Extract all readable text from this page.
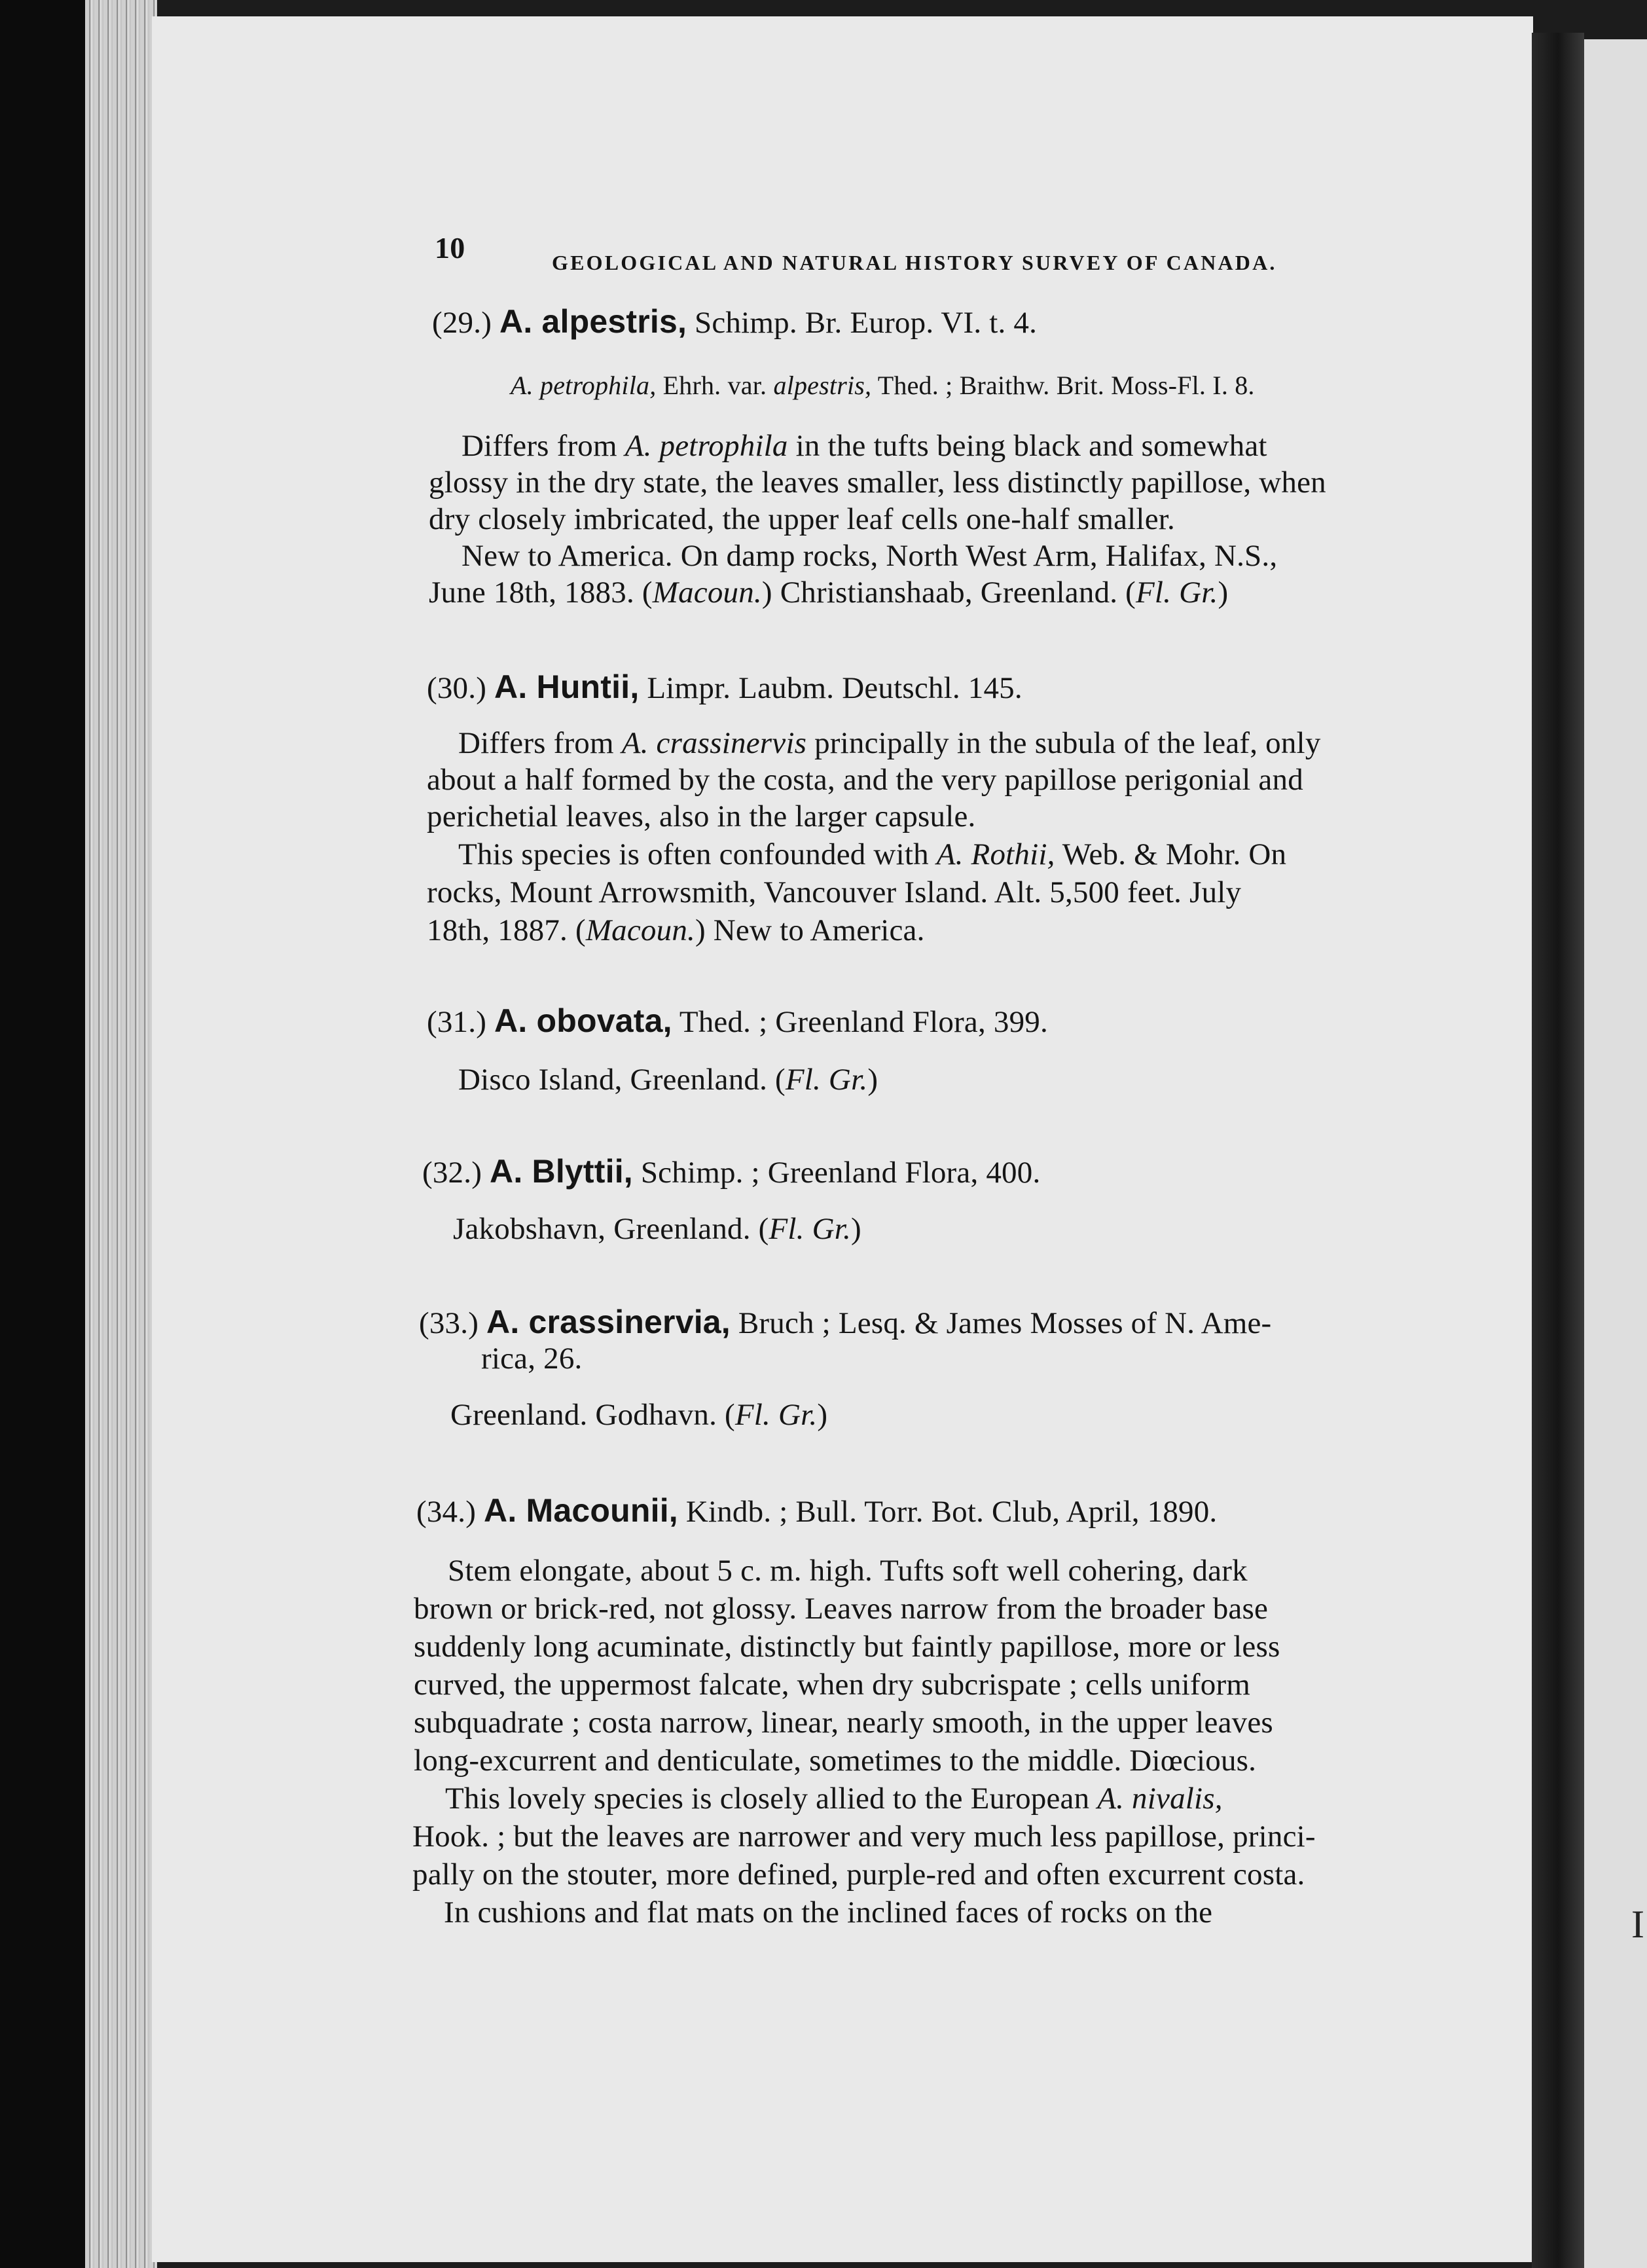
I
10	GEOLOGICAL AND NATURAL HISTORY SURVEY OF CANADA.
(29.) A. alpestris, Schimp. Br. Europ. VI. t. 4.
A. petrophila, Ehrh. var. alpestris, Thed. ; Braithw. Brit. Moss-Fl. I. 8.
Differs from A. petrophila in the tufts being black and somewhat
glossy in the dry state, the leaves smaller, less distinctly papillose, when
dry closely imbricated, the upper leaf cells one-half smaller.
New to America. On damp rocks, North West Arm, Halifax, N.S.,
June 18th, 1883. (Macoun.) Christianshaab, Greenland. (Fl. Gr.)
(30.) A. Huntii, Limpr. Laubm. Deutschl. 145.
Differs from A. crassinervis principally in the subula of the leaf, only
about a half formed by the costa, and the very papillose perigonial and
perichetial leaves, also in the larger capsule.
This species is often confounded with A. Rothii, Web. & Mohr. On
rocks, Mount Arrowsmith, Vancouver Island. Alt. 5,500 feet. July
18th, 1887. (Macoun.) New to America.
(31.) A. obovata, Thed. ; Greenland Flora, 399.
Disco Island, Greenland. (Fl. Gr.)
(32.) A. Blyttii, Schimp. ; Greenland Flora, 400.
Jakobshavn, Greenland. (Fl. Gr.)
(33.) A. crassinervia, Bruch ; Lesq. & James Mosses of N. Ame-
rica, 26.
Greenland. Godhavn. (Fl. Gr.)
(34.) A. Macounii, Kindb. ; Bull. Torr. Bot. Club, April, 1890.
Stem elongate, about 5 c. m. high. Tufts soft well cohering, dark
brown or brick-red, not glossy. Leaves narrow from the broader base
suddenly long acuminate, distinctly but faintly papillose, more or less
curved, the uppermost falcate, when dry subcrispate ; cells uniform
subquadrate ; costa narrow, linear, nearly smooth, in the upper leaves
long-excurrent and denticulate, sometimes to the middle. Diœcious.
This lovely species is closely allied to the European A. nivalis,
Hook. ; but the leaves are narrower and very much less papillose, princi-
pally on the stouter, more defined, purple-red and often excurrent costa.
In cushions and flat mats on the inclined faces of rocks on the
